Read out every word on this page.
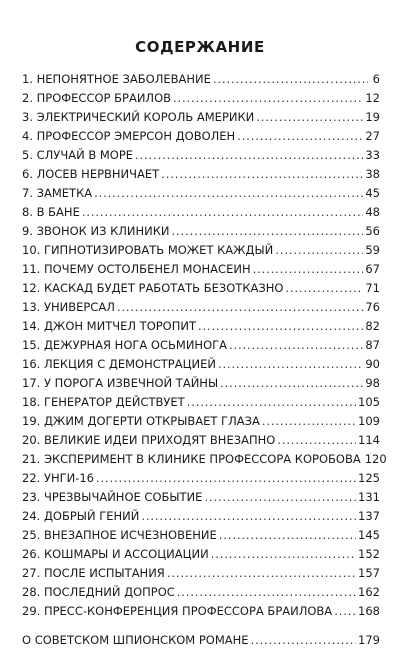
СОДЕРЖАНИЕ
1. НЕПОНЯТНОЕ ЗАБОЛЕВАНИЕ . . .	6
2. ПРОФЕССОР БРАИЛОВ . . .	12
3. ЭЛЕКТРИЧЕСКИЙ КОРОЛЬ АМЕРИКИ . . .	19
4. ПРОФЕССОР ЭМЕРСОН ДОВОЛЕН . . .	27
5. СЛУЧАЙ В МОРЕ . . .	33
6. ЛОСЕВ НЕРВНИЧАЕТ . . .	38
7. ЗАМЕТКА . . .	45
8. В БАНЕ . . .	48
9. ЗВОНОК ИЗ КЛИНИКИ . . .	56
10. ГИПНОТИЗИРОВАТЬ МОЖЕТ КАЖДЫЙ . . .	59
11. ПОЧЕМУ ОСТОЛБЕНЕЛ МОНАСЕИН . . .	67
12. КАСКАД БУДЕТ РАБОТАТЬ БЕЗОТКАЗНО . . .	71
13. УНИВЕРСАЛ . . .	76
14. ДЖОН МИТЧЕЛ ТОРОПИТ . . .	82
15. ДЕЖУРНАЯ НОГА ОСЬМИНОГА . . .	87
16. ЛЕКЦИЯ С ДЕМОНСТРАЦИЕЙ . . .	90
17. У ПОРОГА ИЗВЕЧНОЙ ТАЙНЫ . . .	98
18. ГЕНЕРАТОР ДЕЙСТВУЕТ . . .	105
19. ДЖИМ ДОГЕРТИ ОТКРЫВАЕТ ГЛАЗА . . .	109
20. ВЕЛИКИЕ ИДЕИ ПРИХОДЯТ ВНЕЗАПНО . . .	114
21. ЭКСПЕРИМЕНТ В КЛИНИКЕ ПРОФЕССОРА КОРОБОВА 120
22. УНГИ-16 . . .	125
23. ЧРЕЗВЫЧАЙНОЕ СОБЫТИЕ . . .	131
24. ДОБРЫЙ ГЕНИЙ . . .	137
25. ВНЕЗАПНОЕ ИСЧЕЗНОВЕНИЕ . . .	145
26. КОШМАРЫ И АССОЦИАЦИИ . . .	152
27. ПОСЛЕ ИСПЫТАНИЯ . . .	157
28. ПОСЛЕДНИЙ ДОПРОС . . .	162
29. ПРЕСС-КОНФЕРЕНЦИЯ ПРОФЕССОРА БРАИЛОВА . . . 168
О СОВЕТСКОМ ШПИОНСКОМ РОМАНЕ . . .	179
